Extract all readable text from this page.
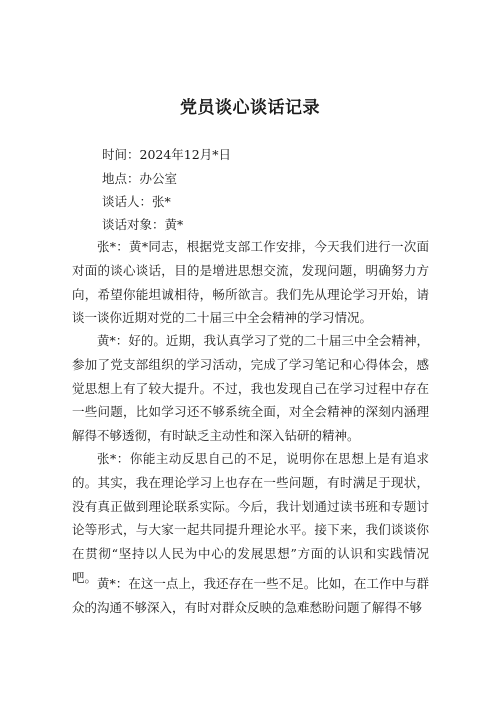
党员谈心谈话记录
时间：2024年12月*日
地点：办公室
谈话人：张*
谈话对象：黄*

张*：黄*同志，根据党支部工作安排，今天我们进行一次面对面的谈心谈话，目的是增进思想交流，发现问题，明确努力方向，希望你能坦诚相待，畅所欲言。我们先从理论学习开始，请谈一谈你近期对党的二十届三中全会精神的学习情况。

黄*：好的。近期，我认真学习了党的二十届三中全会精神，参加了党支部组织的学习活动，完成了学习笔记和心得体会，感觉思想上有了较大提升。不过，我也发现自己在学习过程中存在一些问题，比如学习还不够系统全面，对全会精神的深刻内涵理解得不够透彻，有时缺乏主动性和深入钻研的精神。

张*：你能主动反思自己的不足，说明你在思想上是有追求的。其实，我在理论学习上也存在一些问题，有时满足于现状，没有真正做到理论联系实际。今后，我计划通过读书班和专题讨论等形式，与大家一起共同提升理论水平。接下来，我们谈谈你在贯彻“坚持以人民为中心的发展思想”方面的认识和实践情况吧。 黄*：在这一点上，我还存在一些不足。比如，在工作中与群众的沟通不够深入，有时对群众反映的急难愁盼问题了解得不够
